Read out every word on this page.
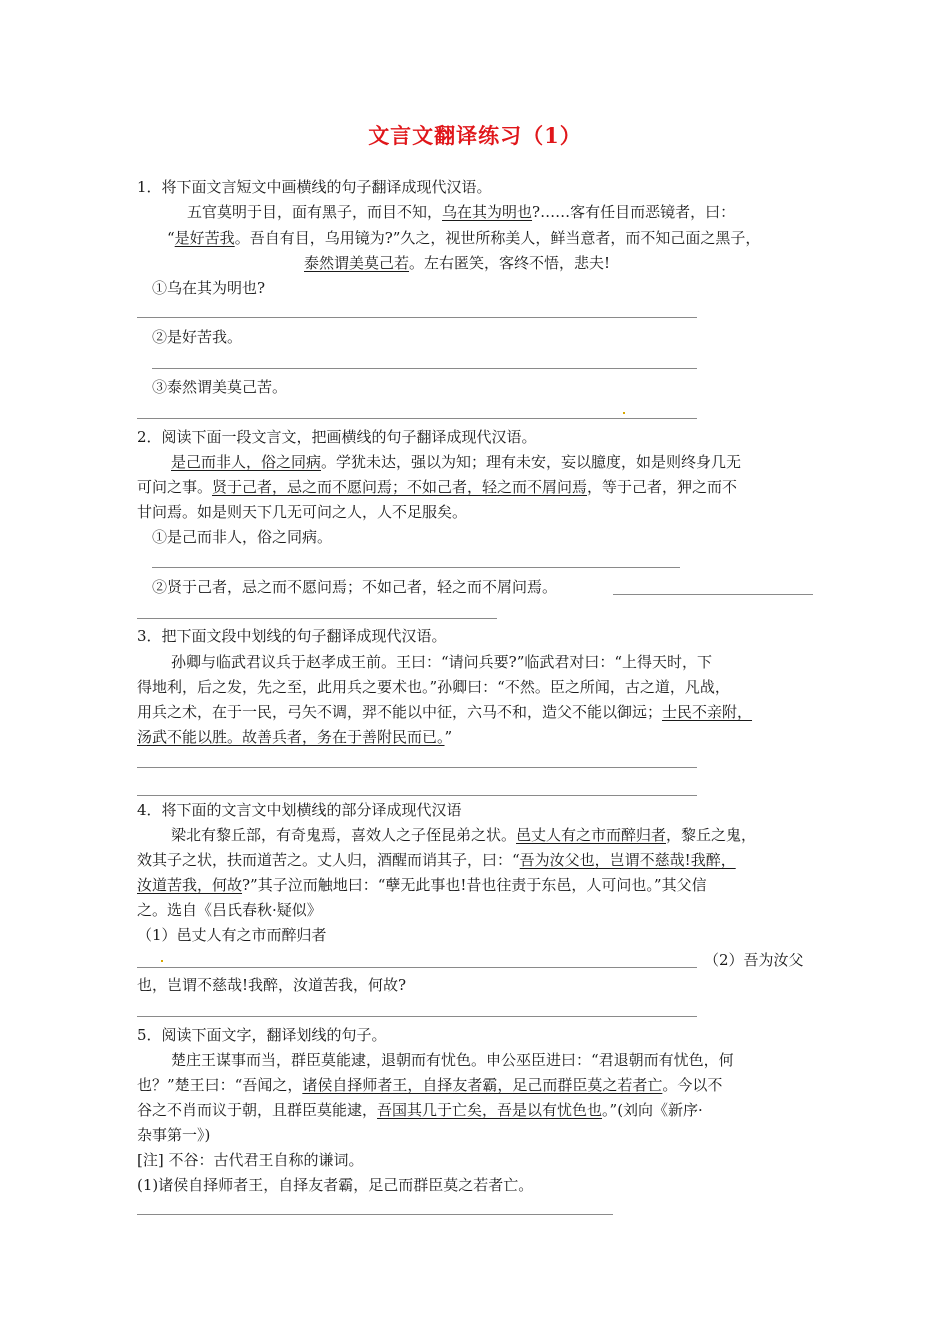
文言文翻译练习（1）
1．将下面文言短文中画横线的句子翻译成现代汉语。
五官莫明于目，面有黑子，而目不知，乌在其为明也?……客有任目而恶镜者，曰：
“是好苦我。吾自有目，乌用镜为?”久之，视世所称美人，鲜当意者，而不知己面之黑子，
泰然谓美莫己若。左右匿笑，客终不悟，悲夫!
①乌在其为明也?
②是好苦我。
③泰然谓美莫己苦。
2．阅读下面一段文言文，把画横线的句子翻译成现代汉语。
是己而非人，俗之同病。学犹未达，强以为知；理有未安，妄以臆度，如是则终身几无
可问之事。贤于己者，忌之而不愿问焉；不如己者，轻之而不屑问焉，等于己者，狎之而不
甘问焉。如是则天下几无可问之人，人不足服矣。
①是己而非人，俗之同病。
②贤于己者，忌之而不愿问焉；不如己者，轻之而不屑问焉。
3．把下面文段中划线的句子翻译成现代汉语。
孙卿与临武君议兵于赵孝成王前。王曰：“请问兵要?”临武君对曰：“上得天时，下
得地利，后之发，先之至，此用兵之要术也。”孙卿曰：“不然。臣之所闻，古之道，凡战，
用兵之术，在于一民，弓矢不调，羿不能以中征，六马不和，造父不能以御远；士民不亲附，
汤武不能以胜。故善兵者，务在于善附民而已。”
4．将下面的文言文中划横线的部分译成现代汉语
梁北有黎丘部，有奇鬼焉，喜效人之子侄昆弟之状。邑丈人有之市而醉归者，黎丘之鬼，
效其子之状，扶而道苦之。丈人归，酒醒而诮其子，曰：“吾为汝父也，岂谓不慈哉!我醉，
汝道苦我，何故?”其子泣而触地曰：“孽无此事也!昔也往责于东邑，人可问也。”其父信
之。选自《吕氏春秋·疑似》
（1）邑丈人有之市而醉归者
（2）吾为汝父
也，岂谓不慈哉!我醉，汝道苦我，何故?
5．阅读下面文字，翻译划线的句子。
楚庄王谋事而当，群臣莫能逮，退朝而有忧色。申公巫臣进曰：“君退朝而有忧色，何
也？”楚王曰：“吾闻之，诸侯自择师者王，自择友者霸，足己而群臣莫之若者亡。今以不
谷之不肖而议于朝，且群臣莫能逮，吾国其几于亡矣，吾是以有忧色也。”(刘向《新序·
杂事第一》)
[注] 不谷：古代君王自称的谦词。
(1)诸侯自择师者王，自择友者霸，足己而群臣莫之若者亡。
